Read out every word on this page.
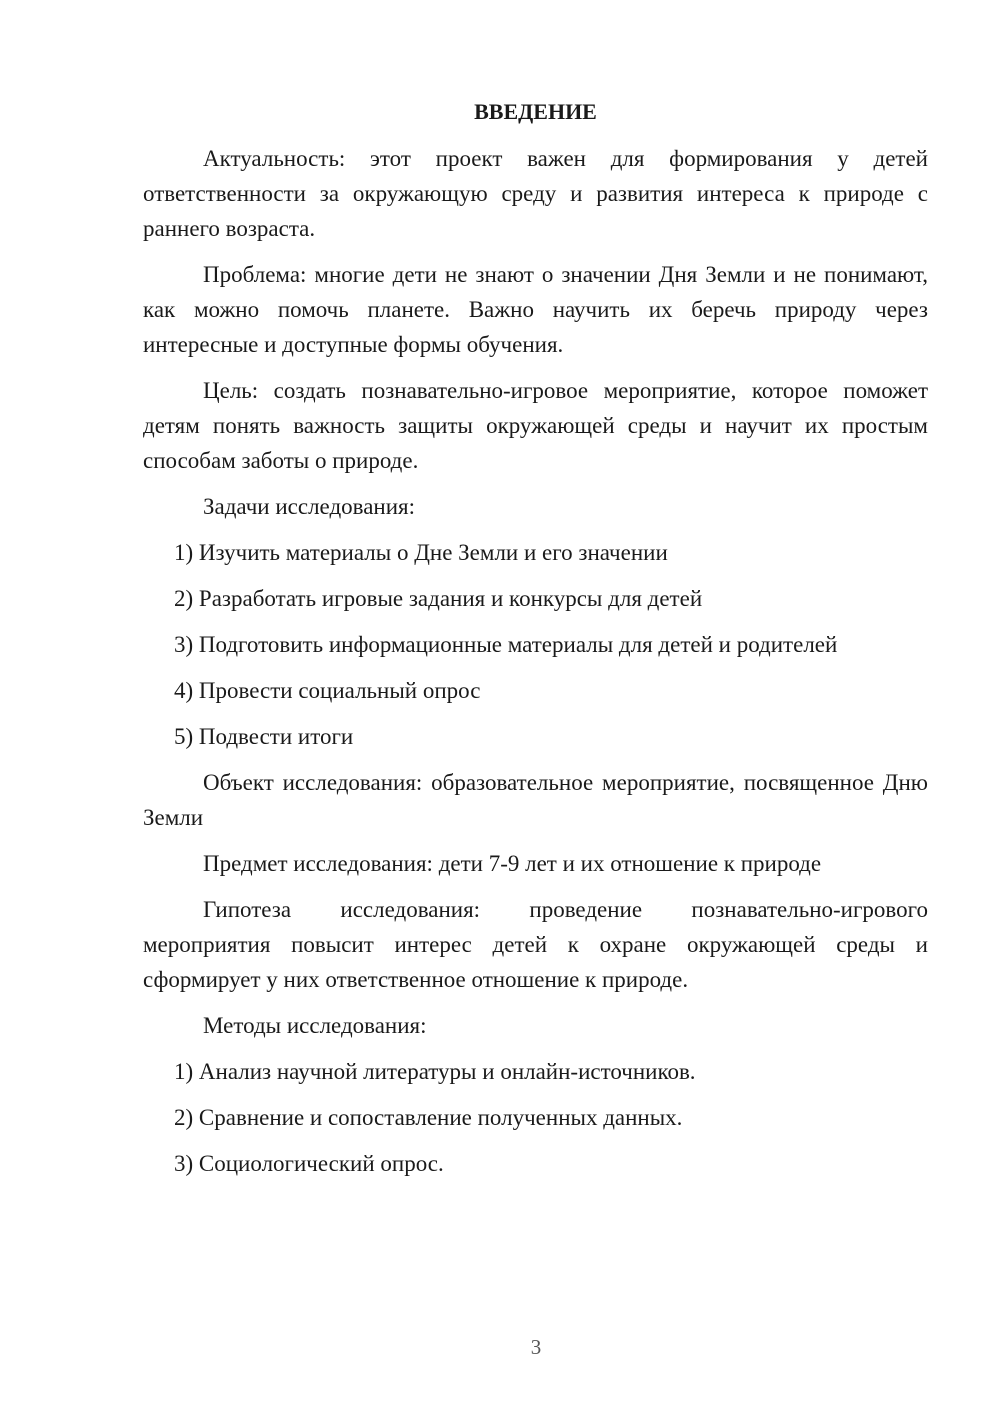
ВВЕДЕНИЕ

Актуальность: этот проект важен для формирования у детей ответственности за окружающую среду и развития интереса к природе с раннего возраста.

Проблема: многие дети не знают о значении Дня Земли и не понимают, как можно помочь планете. Важно научить их беречь природу через интересные и доступные формы обучения.

Цель: создать познавательно-игровое мероприятие, которое поможет детям понять важность защиты окружающей среды и научит их простым способам заботы о природе.

Задачи исследования:

1) Изучить материалы о Дне Земли и его значении
2) Разработать игровые задания и конкурсы для детей
3) Подготовить информационные материалы для детей и родителей
4) Провести социальный опрос
5) Подвести итоги

Объект исследования: образовательное мероприятие, посвященное Дню Земли

Предмет исследования: дети 7-9 лет и их отношение к природе

Гипотеза исследования: проведение познавательно-игрового мероприятия повысит интерес детей к охране окружающей среды и сформирует у них ответственное отношение к природе.

Методы исследования:

1) Анализ научной литературы и онлайн-источников.
2) Сравнение и сопоставление полученных данных.
3) Социологический опрос.
3
